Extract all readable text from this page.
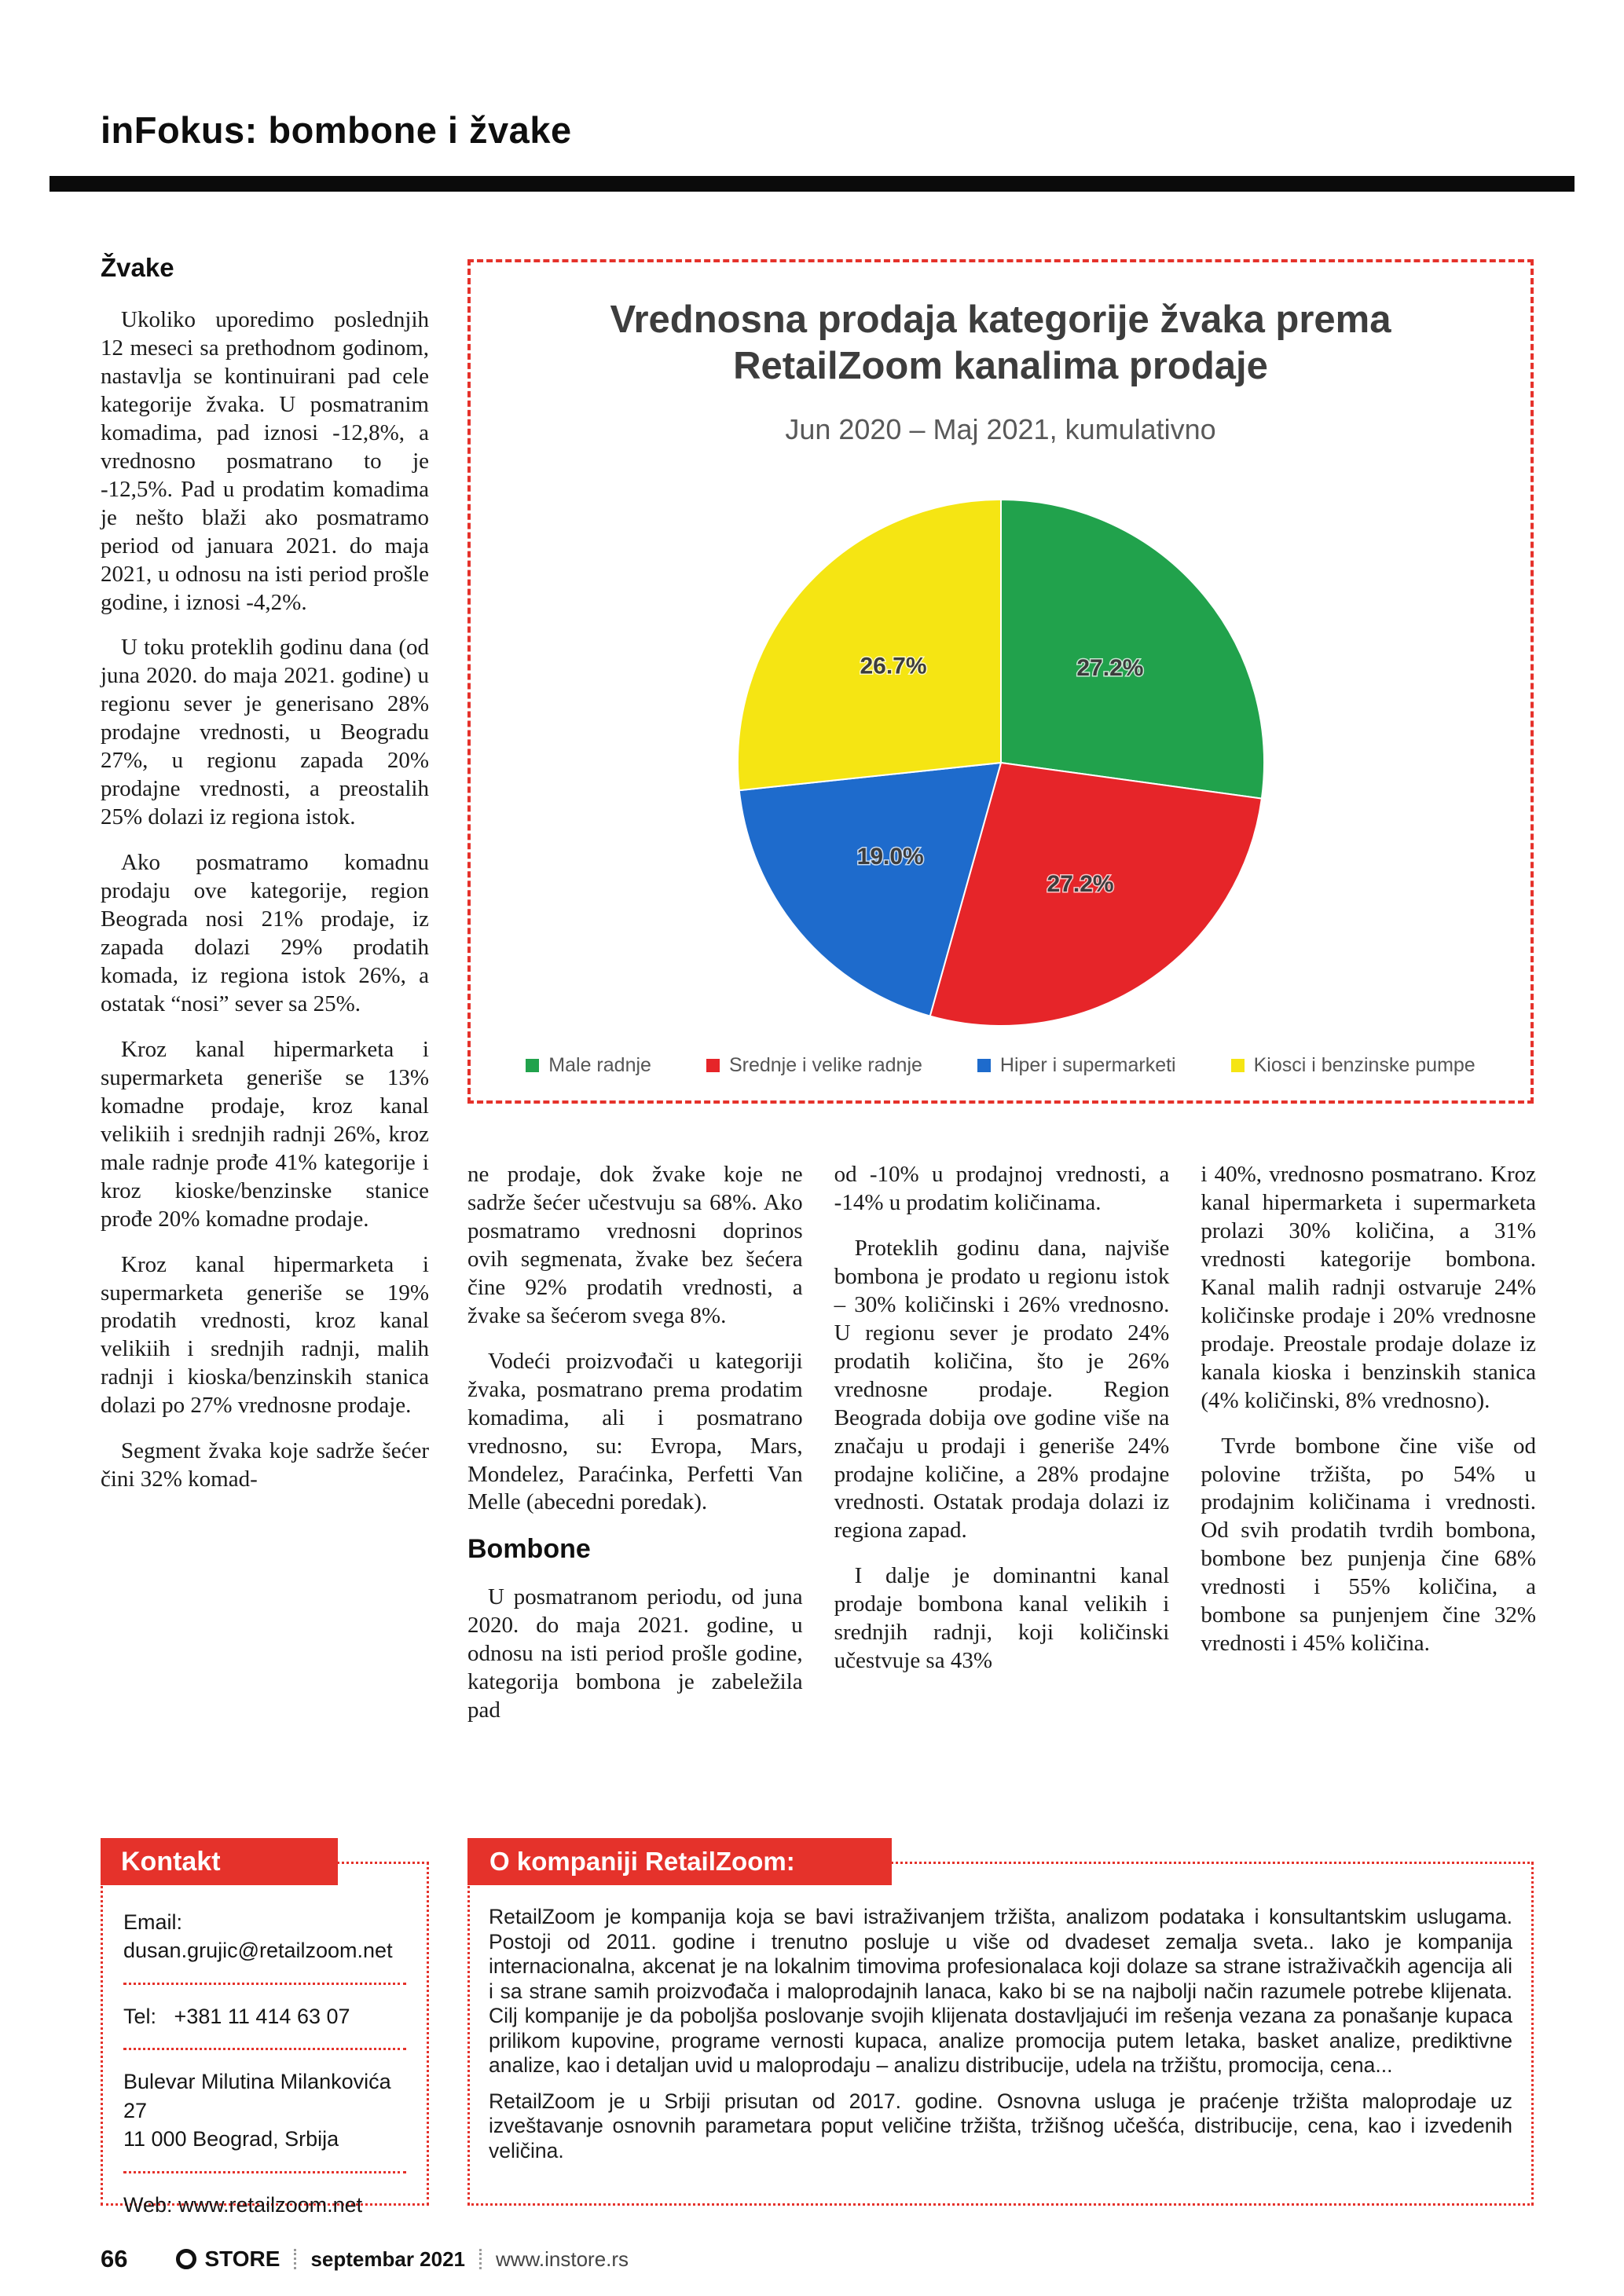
inFokus: bombone i žvake
Žvake

Ukoliko uporedimo poslednjih 12 meseci sa prethodnom godinom, nastavlja se kontinuirani pad cele kategorije žvaka. U posmatranim komadima, pad iznosi -12,8%, a vrednosno posmatrano to je -12,5%. Pad u prodatim komadima je nešto blaži ako posmatramo period od januara 2021. do maja 2021, u odnosu na isti period prošle godine, i iznosi -4,2%.

U toku proteklih godinu dana (od juna 2020. do maja 2021. godine) u regionu sever je generisano 28% prodajne vrednosti, u Beogradu 27%, u regionu zapada 20% prodajne vrednosti, a preostalih 25% dolazi iz regiona istok.

Ako posmatramo komadnu prodaju ove kategorije, region Beograda nosi 21% prodaje, iz zapada dolazi 29% prodatih komada, iz regiona istok 26%, a ostatak “nosi” sever sa 25%.

Kroz kanal hipermarketa i supermarketa generiše se 13% komadne prodaje, kroz kanal velikiih i srednjih radnji 26%, kroz male radnje prođe 41% kategorije i kroz kioske/benzinske stanice prođe 20% komadne prodaje.

Kroz kanal hipermarketa i supermarketa generiše se 19% prodatih vrednosti, kroz kanal velikiih i srednjih radnji, malih radnji i kioska/benzinskih stanica dolazi po 27% vrednosne prodaje.

Segment žvaka koje sadrže šećer čini 32% komad-

Vrednosna prodaja kategorije žvaka prema RetailZoom kanalima prodaje
Jun 2020 – Maj 2021, kumulativno
27.2%
27.2%
19.0%
26.7%
Male radnje	Srednje i velike radnje	Hiper i supermarketi	Kiosci i benzinske pumpe

ne prodaje, dok žvake koje ne sadrže šećer učestvuju sa 68%. Ako posmatramo vrednosni doprinos ovih segmenata, žvake bez šećera čine 92% prodatih vrednosti, a žvake sa šećerom svega 8%.

Vodeći proizvođači u kategoriji žvaka, posmatrano prema prodatim komadima, ali i posmatrano vrednosno, su: Evropa, Mars, Mondelez, Paraćinka, Perfetti Van Melle (abecedni poredak).

Bombone

U posmatranom periodu, od juna 2020. do maja 2021. godine, u odnosu na isti period prošle godine, kategorija bombona je zabeležila pad

od -10% u prodajnoj vrednosti, a -14% u prodatim količinama.

Proteklih godinu dana, najviše bombona je prodato u regionu istok – 30% količinski i 26% vrednosno. U regionu sever je prodato 24% prodatih količina, što je 26% vrednosne prodaje. Region Beograda dobija ove godine više na značaju u prodaji i generiše 24% prodajne količine, a 28% prodajne vrednosti. Ostatak prodaja dolazi iz regiona zapad.

I dalje je dominantni kanal prodaje bombona kanal velikih i srednjih radnji, koji količinski učestvuje sa 43%

i 40%, vrednosno posmatrano. Kroz kanal hipermarketa i supermarketa prolazi 30% količina, a 31% vrednosti kategorije bombona. Kanal malih radnji ostvaruje 24% količinske prodaje i 20% vrednosne prodaje. Preostale prodaje dolaze iz kanala kioska i benzinskih stanica (4% količinski, 8% vrednosno).

Tvrde bombone čine više od polovine tržišta, po 54% u prodajnim količinama i vrednosti. Od svih prodatih tvrdih bombona, bombone bez punjenja čine 68% vrednosti i 55% količina, a bombone sa punjenjem čine 32% vrednosti i 45% količina.

Kontakt
Email:
dusan.grujic@retailzoom.net
Tel: +381 11 414 63 07
Bulevar Milutina Milankovića 27
11 000 Beograd, Srbija
Web: www.retailzoom.net
O kompaniji RetailZoom:

RetailZoom je kompanija koja se bavi istraživanjem tržišta, analizom podataka i konsultantskim uslugama. Postoji od 2011. godine i trenutno posluje u više od dvadeset zemalja sveta.. Iako je kompanija internacionalna, akcenat je na lokalnim timovima profesionalaca koji dolaze sa strane istraživačkih agencija ali i sa strane samih proizvođača i maloprodajnih lanaca, kako bi se na najbolji način razumele potrebe klijenata. Cilj kompanije je da poboljša poslovanje svojih klijenata dostavljajući im rešenja vezana za ponašanje kupaca prilikom kupovine, programe vernosti kupaca, analize promocija putem letaka, basket analize, prediktivne analize, kao i detaljan uvid u maloprodaju – analizu distribucije, udela na tržištu, promocija, cena...

RetailZoom je u Srbiji prisutan od 2017. godine. Osnovna usluga je praćenje tržišta maloprodaje uz izveštavanje osnovnih parametara poput veličine tržišta, tržišnog učešća, distribucije, cena, kao i izvedenih veličina.

66	STORE septembar 2021 www.instore.rs
